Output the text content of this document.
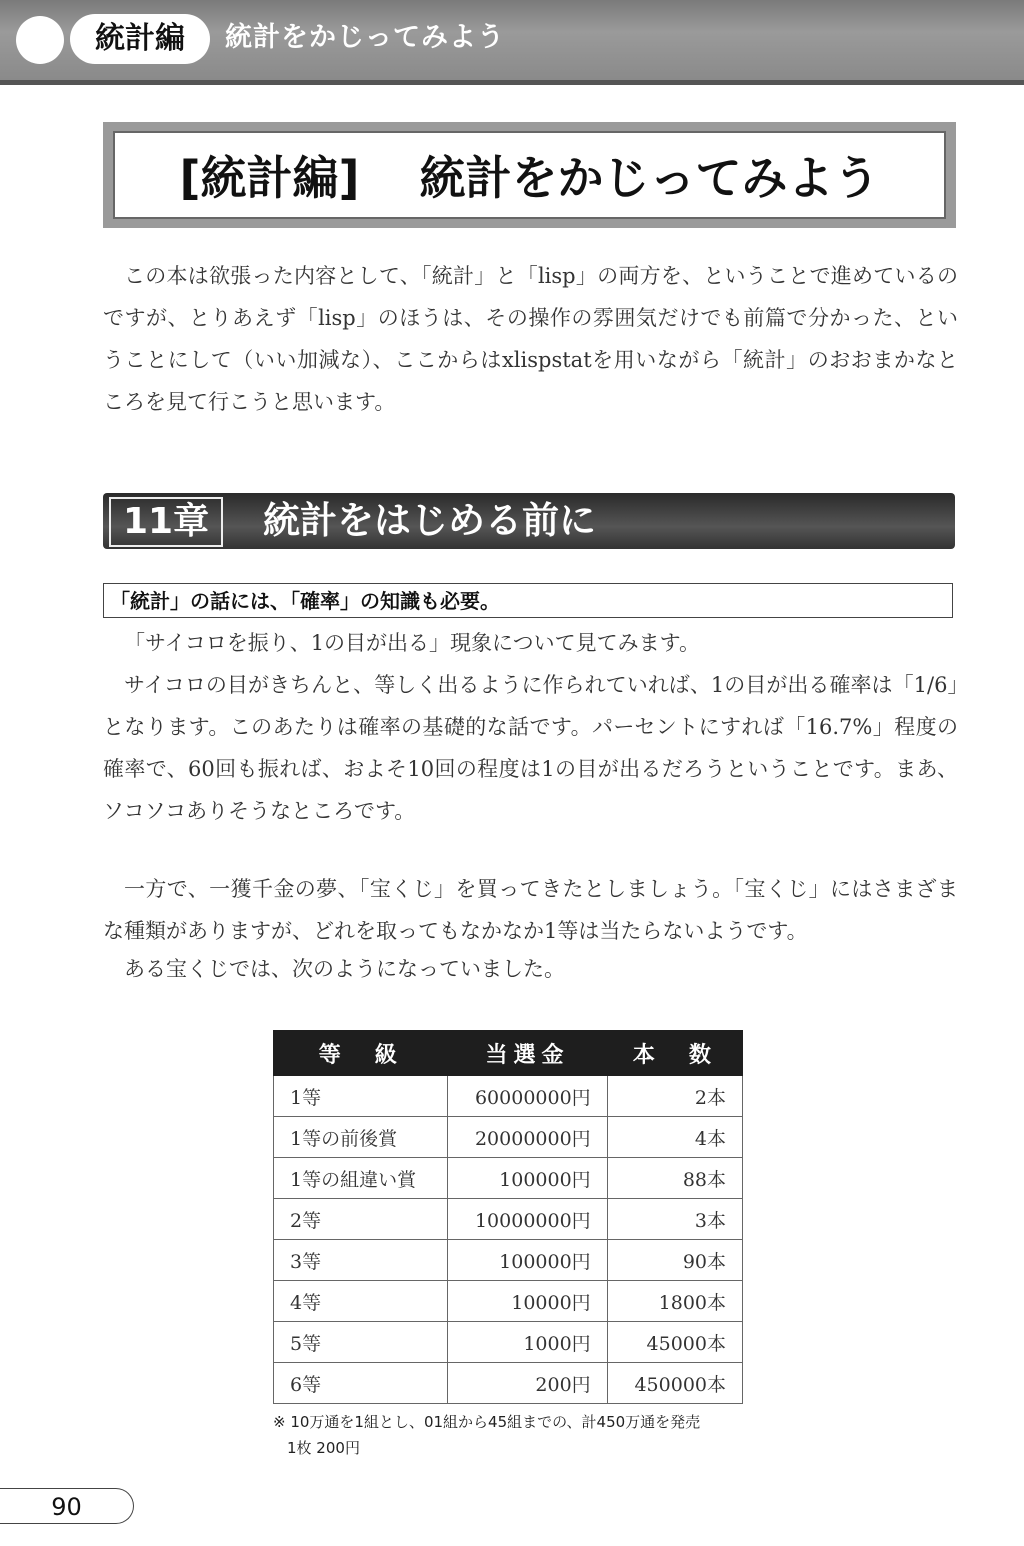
統計編	統計をかじってみよう
[統計編] 統計をかじってみよう

この本は欲張った内容として、「統計」と「lisp」の両方を、ということで進めているのですが、とりあえず「lisp」のほうは、その操作の雰囲気だけでも前篇で分かった、ということにして（いい加減な）、ここからはxlispstatを用いながら「統計」のおおまかなところを見て行こうと思います。

11章	統計をはじめる前に
「統計」の話には、「確率」の知識も必要。

「サイコロを振り、1の目が出る」現象について見てみます。

サイコロの目がきちんと、等しく出るように作られていれば、1の目が出る確率は「1/6」となります。このあたりは確率の基礎的な話です。パーセントにすれば「16.7%」程度の確率で、60回も振れば、およそ10回の程度は1の目が出るだろうということです。まあ、ソコソコありそうなところです。

一方で、一獲千金の夢、「宝くじ」を買ってきたとしましょう。「宝くじ」にはさまざまな種類がありますが、どれを取ってもなかなか1等は当たらないようです。

ある宝くじでは、次のようになっていました。

等　級	当選金	本　数
1等	60000000円	2本
1等の前後賞	20000000円	4本
1等の組違い賞	100000円	88本
2等	10000000円	3本
3等	100000円	90本
4等	10000円	1800本
5等	1000円	45000本
6等	200円	450000本
※ 10万通を1組とし、01組から45組までの、計450万通を発売
1枚 200円
90
